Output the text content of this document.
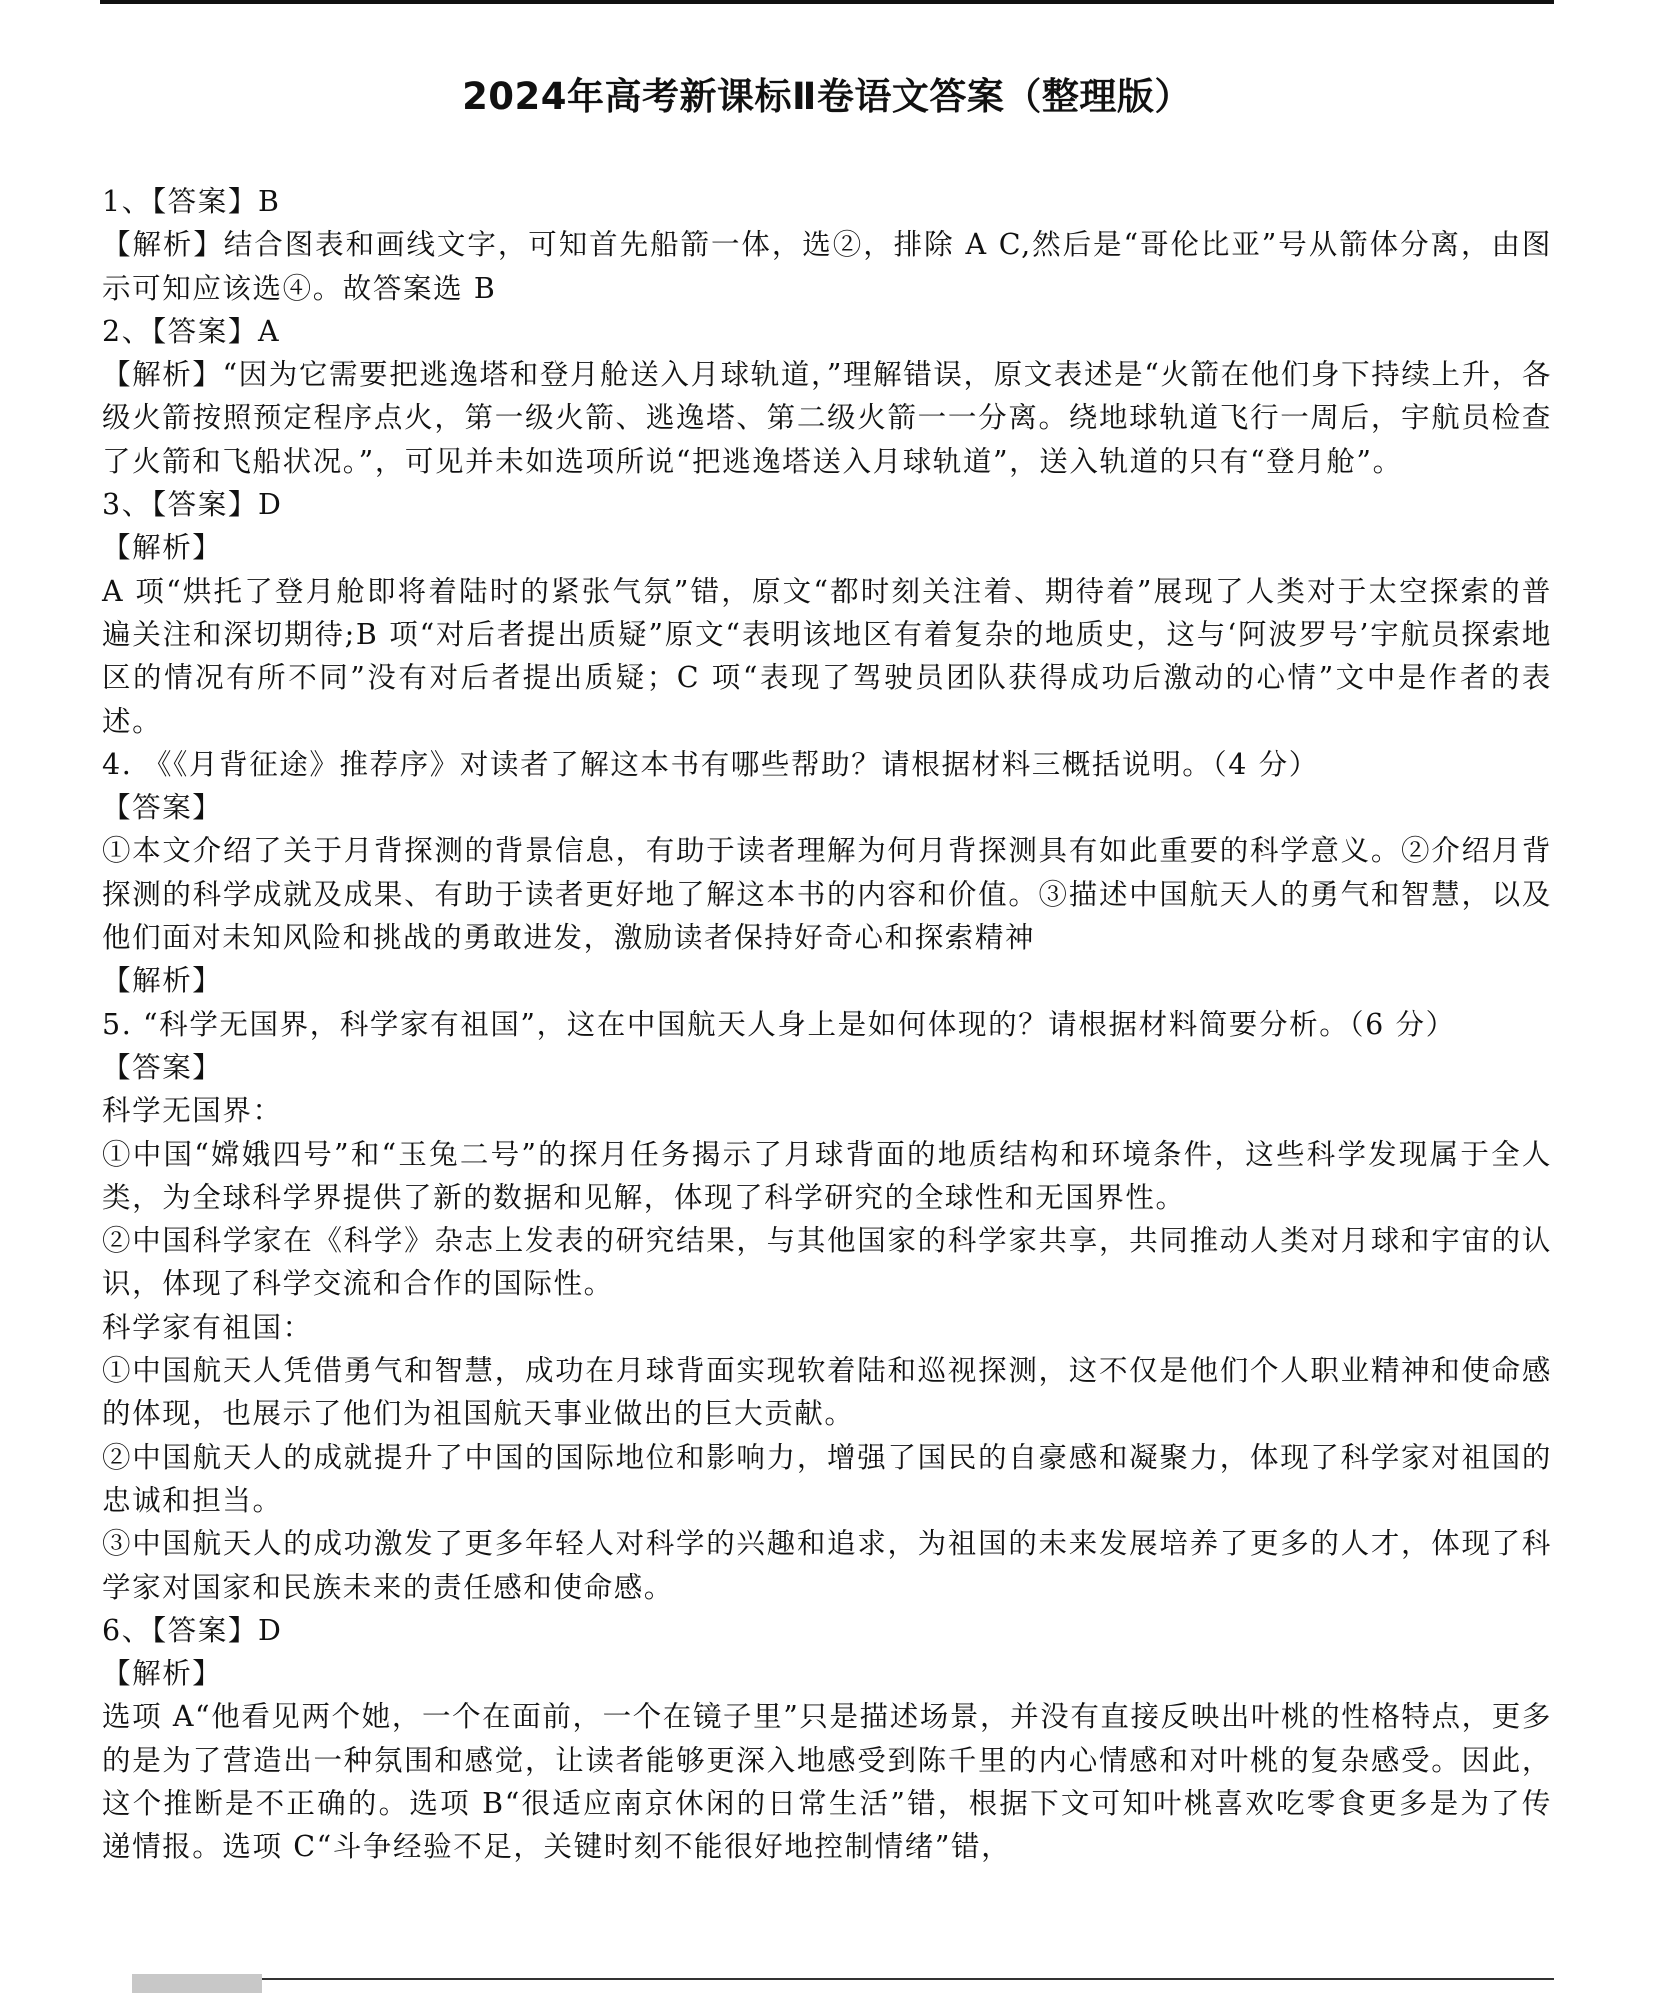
2024年高考新课标Ⅱ卷语文答案（整理版）

1、【答案】B

【解析】结合图表和画线文字，可知首先船箭一体，选②，排除 A C,然后是“哥伦比亚”号从箭体分离，由图示可知应该选④。故答案选 B

2、【答案】A

【解析】“因为它需要把逃逸塔和登月舱送入月球轨道，”理解错误，原文表述是“火箭在他们身下持续上升，各级火箭按照预定程序点火，第一级火箭、逃逸塔、第二级火箭一一分离。绕地球轨道飞行一周后，宇航员检查了火箭和飞船状况。”，可见并未如选项所说“把逃逸塔送入月球轨道”，送入轨道的只有“登月舱”。

3、【答案】D

【解析】

A 项“烘托了登月舱即将着陆时的紧张气氛”错，原文“都时刻关注着、期待着”展现了人类对于太空探索的普遍关注和深切期待;B 项“对后者提出质疑”原文“表明该地区有着复杂的地质史，这与‘阿波罗号’宇航员探索地区的情况有所不同”没有对后者提出质疑；C 项“表现了驾驶员团队获得成功后激动的心情”文中是作者的表述。

4. 《《月背征途》推荐序》对读者了解这本书有哪些帮助？请根据材料三概括说明。（4 分）

【答案】

①本文介绍了关于月背探测的背景信息，有助于读者理解为何月背探测具有如此重要的科学意义。②介绍月背探测的科学成就及成果、有助于读者更好地了解这本书的内容和价值。③描述中国航天人的勇气和智慧，以及他们面对未知风险和挑战的勇敢进发，激励读者保持好奇心和探索精神

【解析】

5. “科学无国界，科学家有祖国”，这在中国航天人身上是如何体现的？请根据材料简要分析。（6 分）

【答案】

科学无国界：

①中国“嫦娥四号”和“玉兔二号”的探月任务揭示了月球背面的地质结构和环境条件，这些科学发现属于全人类，为全球科学界提供了新的数据和见解，体现了科学研究的全球性和无国界性。

②中国科学家在《科学》杂志上发表的研究结果，与其他国家的科学家共享，共同推动人类对月球和宇宙的认识，体现了科学交流和合作的国际性。

科学家有祖国：

①中国航天人凭借勇气和智慧，成功在月球背面实现软着陆和巡视探测，这不仅是他们个人职业精神和使命感的体现，也展示了他们为祖国航天事业做出的巨大贡献。

②中国航天人的成就提升了中国的国际地位和影响力，增强了国民的自豪感和凝聚力，体现了科学家对祖国的忠诚和担当。

③中国航天人的成功激发了更多年轻人对科学的兴趣和追求，为祖国的未来发展培养了更多的人才，体现了科学家对国家和民族未来的责任感和使命感。

6、【答案】D

【解析】

选项 A“他看见两个她，一个在面前，一个在镜子里”只是描述场景，并没有直接反映出叶桃的性格特点，更多的是为了营造出一种氛围和感觉，让读者能够更深入地感受到陈千里的内心情感和对叶桃的复杂感受。因此，这个推断是不正确的。选项 B“很适应南京休闲的日常生活”错，根据下文可知叶桃喜欢吃零食更多是为了传递情报。选项 C“斗争经验不足，关键时刻不能很好地控制情绪”错，
